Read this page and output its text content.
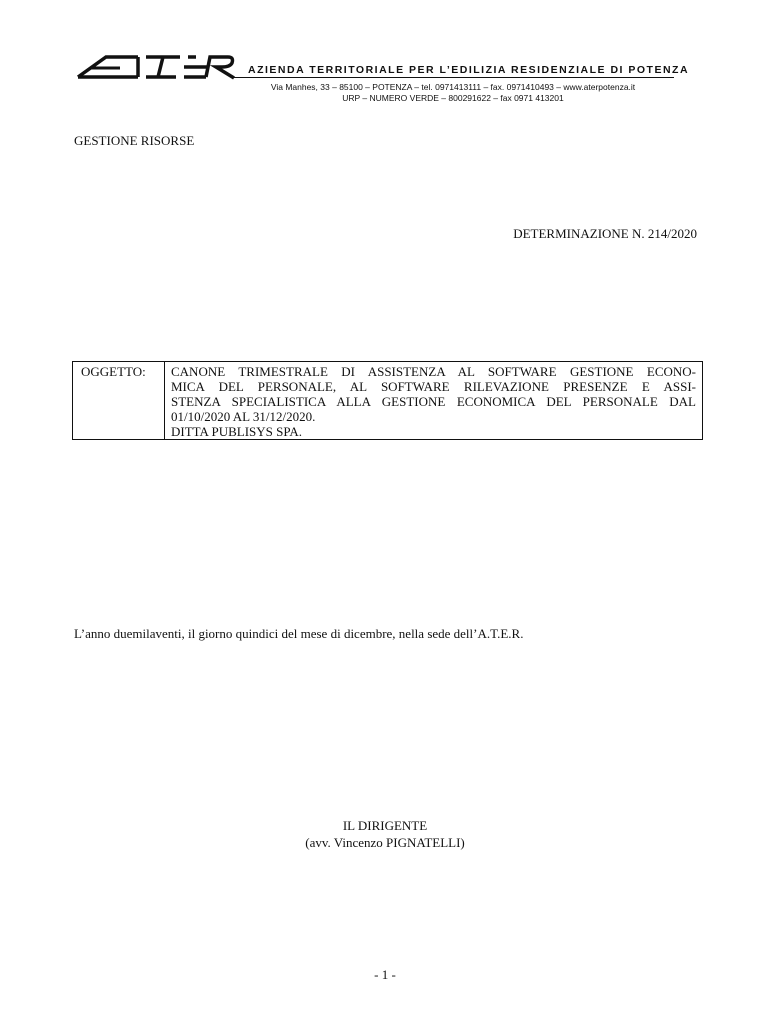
AZIENDA TERRITORIALE PER L’EDILIZIA RESIDENZIALE DI POTENZA
Via Manhes, 33 – 85100 – POTENZA – tel. 0971413111 – fax. 0971410493 – www.aterpotenza.it
URP – NUMERO VERDE – 800291622 – fax 0971 413201
GESTIONE RISORSE
DETERMINAZIONE N. 214/2020
OGGETTO:	CANONE TRIMESTRALE DI ASSISTENZA AL SOFTWARE GESTIONE ECONO-
MICA DEL PERSONALE, AL SOFTWARE RILEVAZIONE PRESENZE E ASSI-
STENZA SPECIALISTICA ALLA GESTIONE ECONOMICA DEL PERSONALE DAL
01/10/2020 AL 31/12/2020.
DITTA PUBLISYS SPA.
L’anno duemilaventi, il giorno quindici del mese di dicembre, nella sede dell’A.T.E.R.
IL DIRIGENTE
(avv. Vincenzo PIGNATELLI)
- 1 -
